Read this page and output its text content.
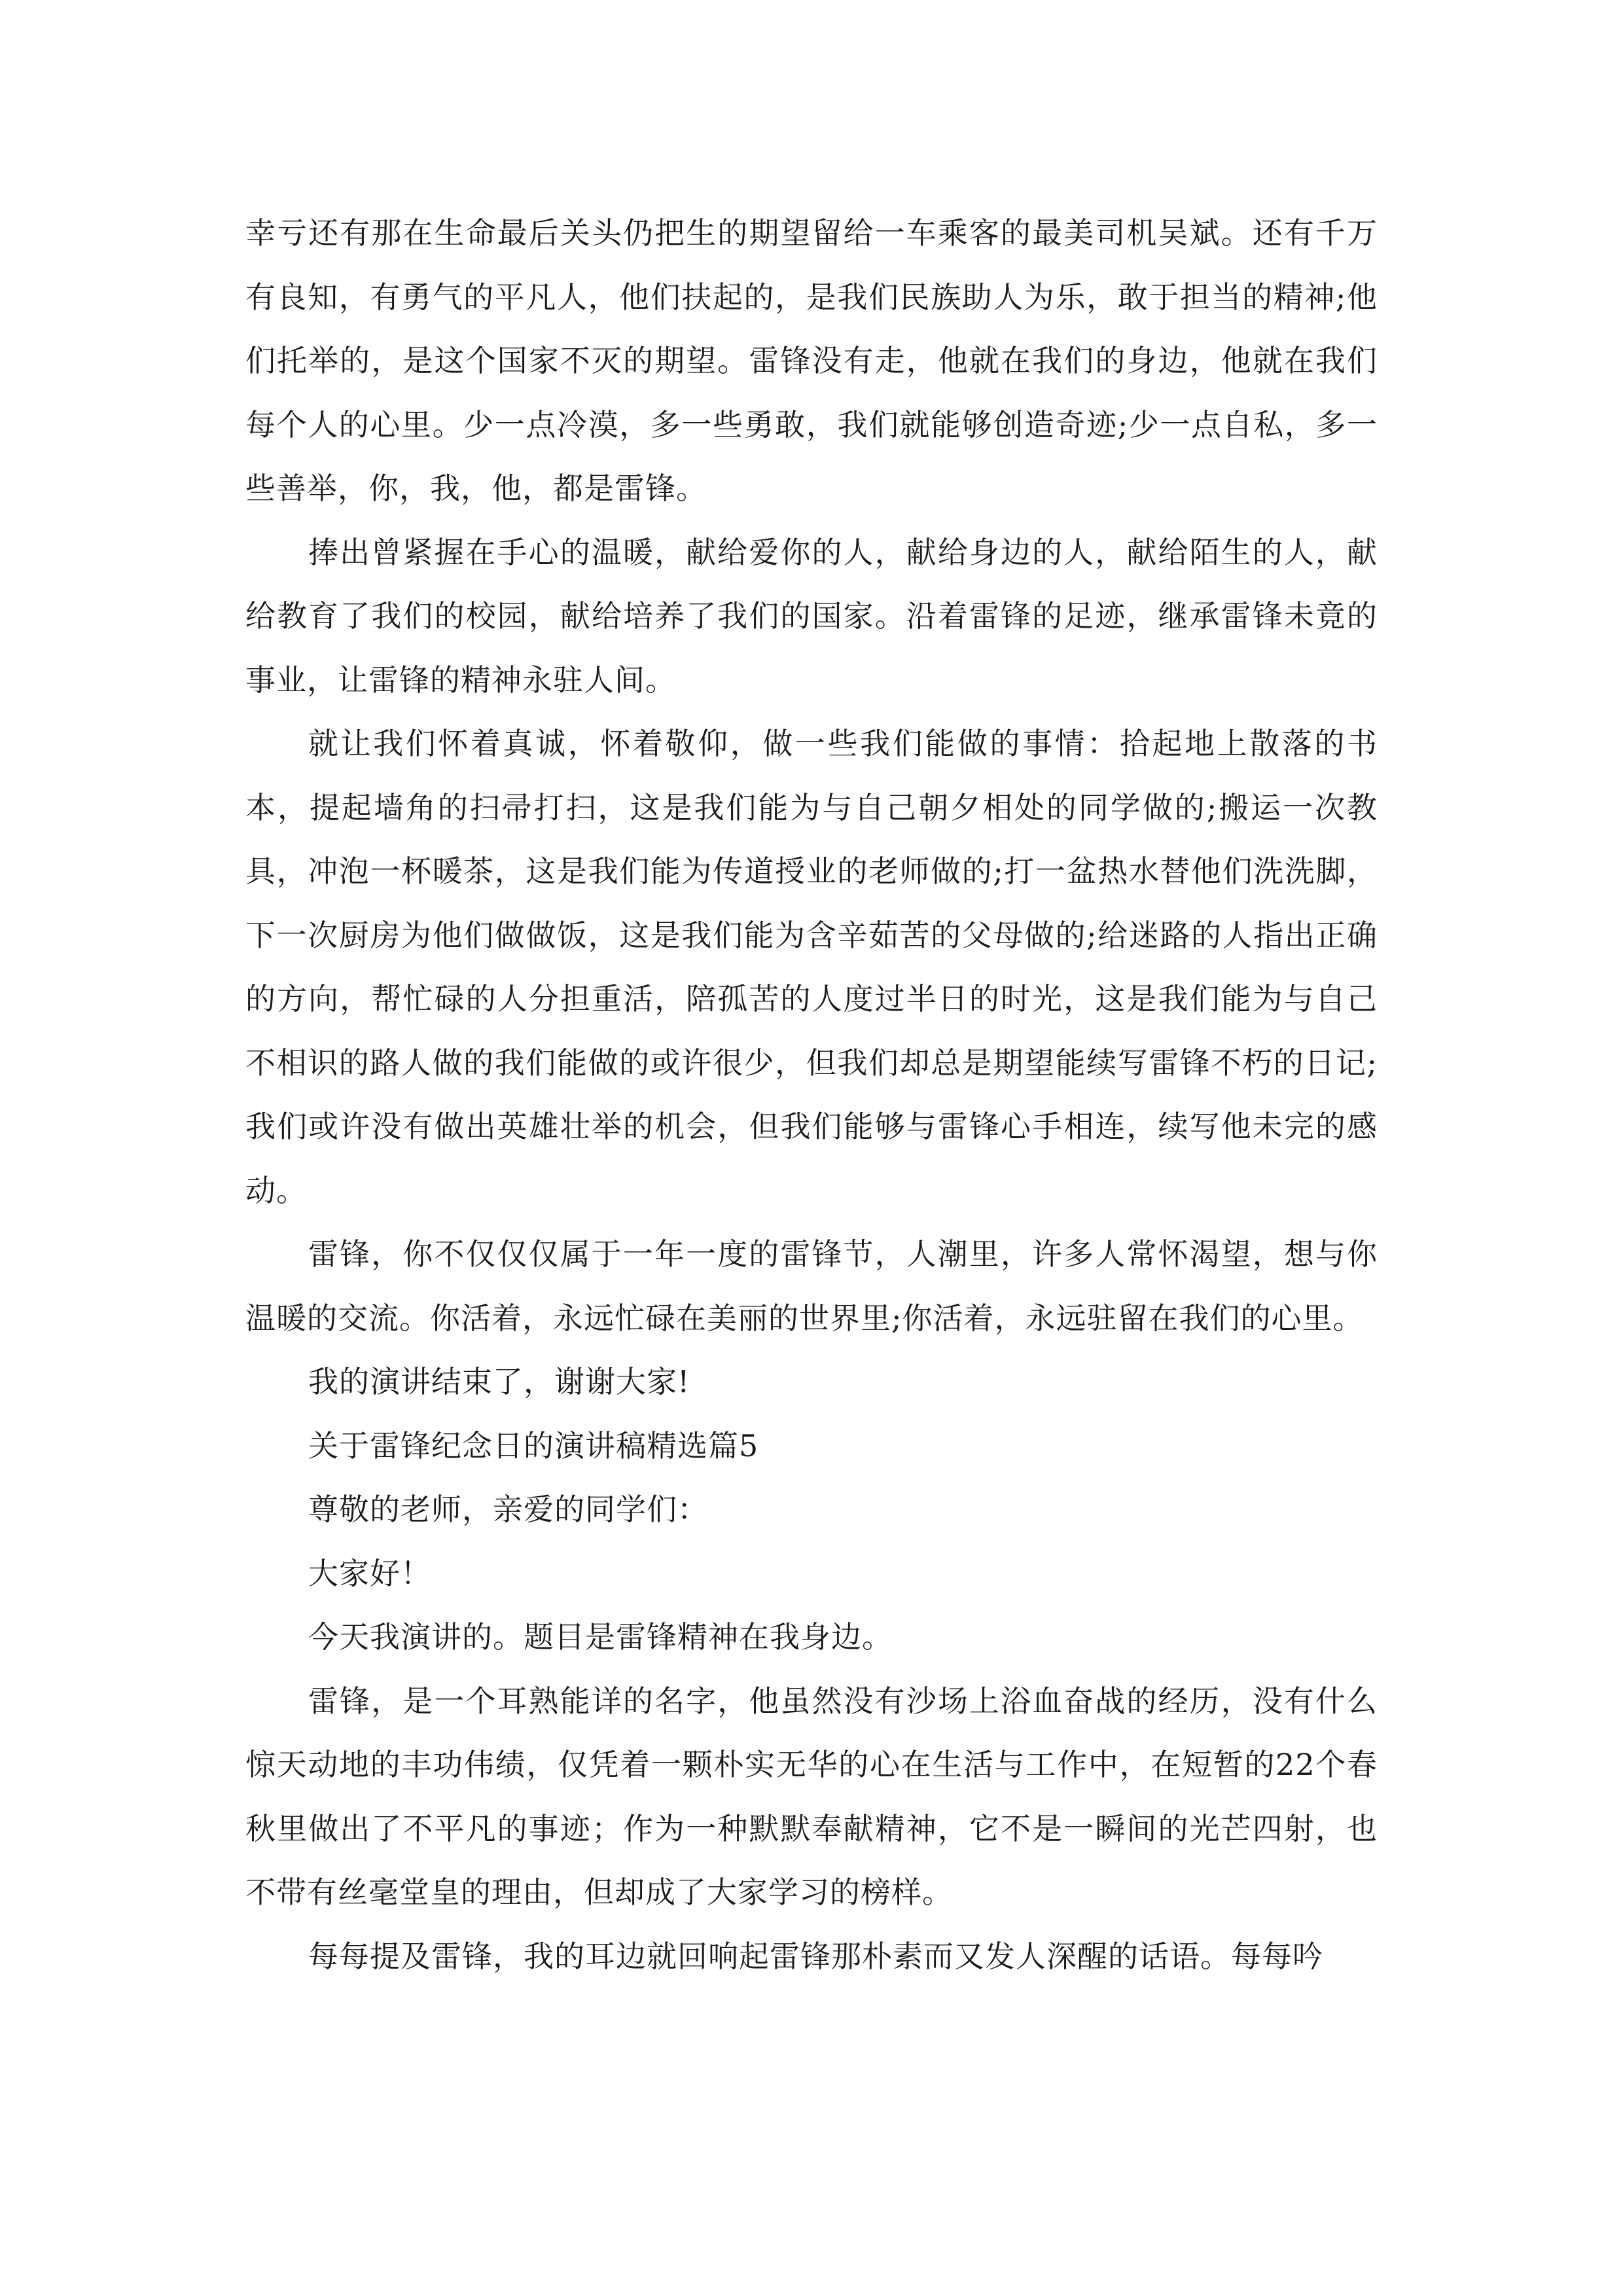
幸亏还有那在生命最后关头仍把生的期望留给一车乘客的最美司机吴斌。还有千万有良知，有勇气的平凡人，他们扶起的，是我们民族助人为乐，敢于担当的精神;他们托举的，是这个国家不灭的期望。雷锋没有走，他就在我们的身边，他就在我们每个人的心里。少一点冷漠，多一些勇敢，我们就能够创造奇迹;少一点自私，多一些善举，你，我，他，都是雷锋。

捧出曾紧握在手心的温暖，献给爱你的人，献给身边的人，献给陌生的人，献给教育了我们的校园，献给培养了我们的国家。沿着雷锋的足迹，继承雷锋未竟的事业，让雷锋的精神永驻人间。

就让我们怀着真诚，怀着敬仰，做一些我们能做的事情：拾起地上散落的书本，提起墙角的扫帚打扫，这是我们能为与自己朝夕相处的同学做的;搬运一次教具，冲泡一杯暖茶，这是我们能为传道授业的老师做的;打一盆热水替他们洗洗脚，下一次厨房为他们做做饭，这是我们能为含辛茹苦的父母做的;给迷路的人指出正确的方向，帮忙碌的人分担重活，陪孤苦的人度过半日的时光，这是我们能为与自己不相识的路人做的我们能做的或许很少，但我们却总是期望能续写雷锋不朽的日记;我们或许没有做出英雄壮举的机会，但我们能够与雷锋心手相连，续写他未完的感动。

雷锋，你不仅仅仅属于一年一度的雷锋节，人潮里，许多人常怀渴望，想与你温暖的交流。你活着，永远忙碌在美丽的世界里;你活着，永远驻留在我们的心里。

我的演讲结束了，谢谢大家!

关于雷锋纪念日的演讲稿精选篇5

尊敬的老师，亲爱的同学们：

大家好！

今天我演讲的。题目是雷锋精神在我身边。

雷锋，是一个耳熟能详的名字，他虽然没有沙场上浴血奋战的经历，没有什么惊天动地的丰功伟绩，仅凭着一颗朴实无华的心在生活与工作中，在短暂的22个春秋里做出了不平凡的事迹；作为一种默默奉献精神，它不是一瞬间的光芒四射，也不带有丝毫堂皇的理由，但却成了大家学习的榜样。

每每提及雷锋，我的耳边就回响起雷锋那朴素而又发人深醒的话语。每每吟
